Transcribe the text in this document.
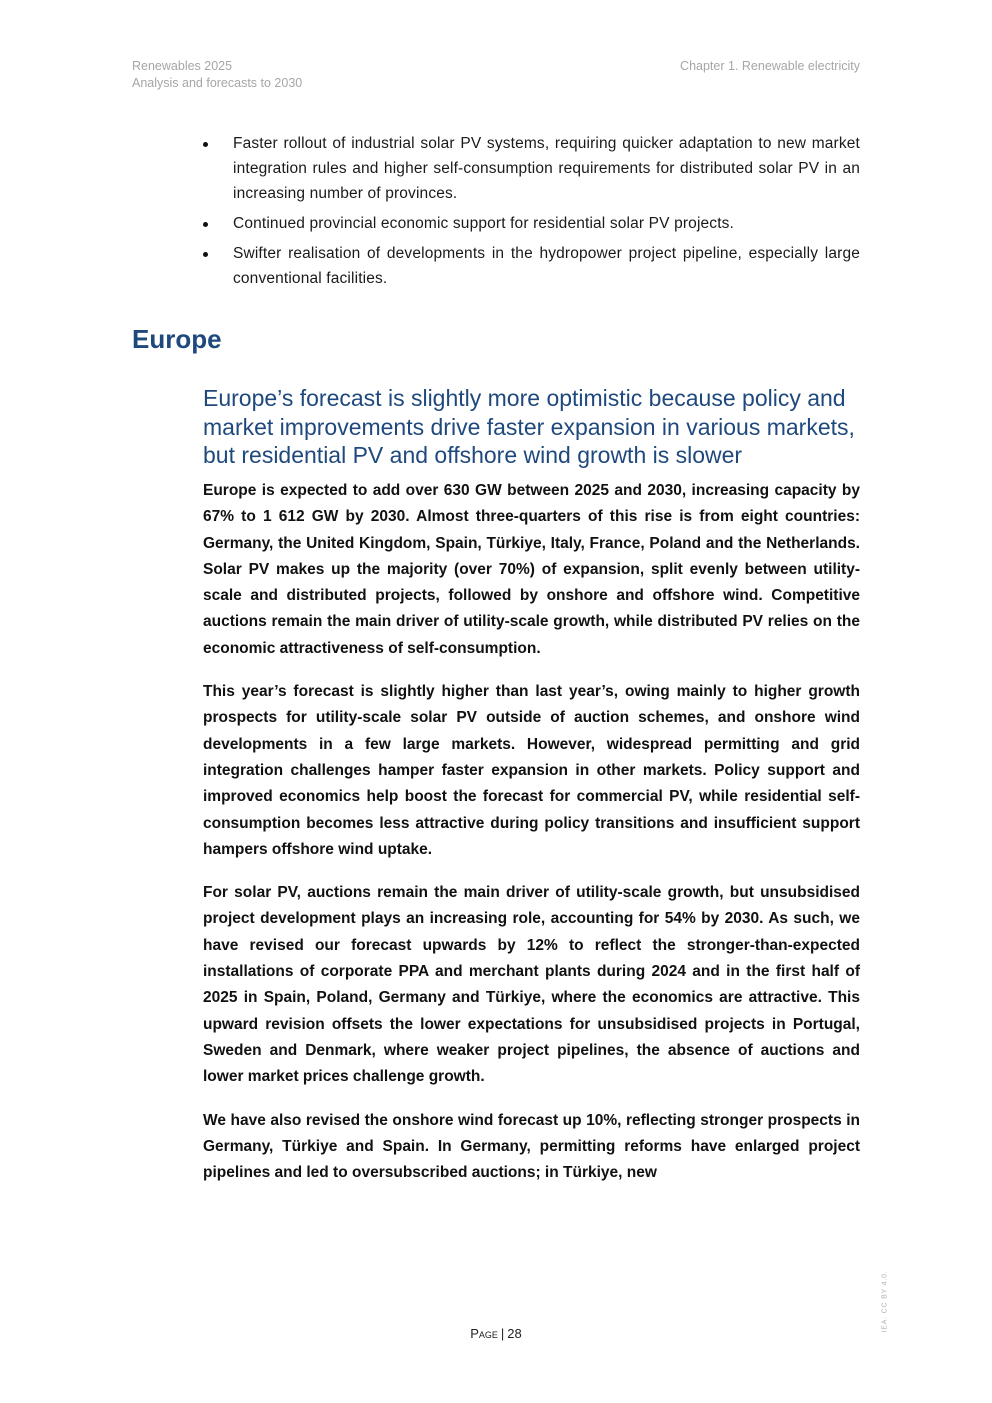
Renewables 2025
Analysis and forecasts to 2030
Chapter 1. Renewable electricity
Faster rollout of industrial solar PV systems, requiring quicker adaptation to new market integration rules and higher self-consumption requirements for distributed solar PV in an increasing number of provinces.
Continued provincial economic support for residential solar PV projects.
Swifter realisation of developments in the hydropower project pipeline, especially large conventional facilities.
Europe
Europe’s forecast is slightly more optimistic because policy and market improvements drive faster expansion in various markets, but residential PV and offshore wind growth is slower

Europe is expected to add over 630 GW between 2025 and 2030, increasing capacity by 67% to 1 612 GW by 2030. Almost three-quarters of this rise is from eight countries: Germany, the United Kingdom, Spain, Türkiye, Italy, France, Poland and the Netherlands. Solar PV makes up the majority (over 70%) of expansion, split evenly between utility-scale and distributed projects, followed by onshore and offshore wind. Competitive auctions remain the main driver of utility-scale growth, while distributed PV relies on the economic attractiveness of self-consumption.

This year’s forecast is slightly higher than last year’s, owing mainly to higher growth prospects for utility-scale solar PV outside of auction schemes, and onshore wind developments in a few large markets. However, widespread permitting and grid integration challenges hamper faster expansion in other markets. Policy support and improved economics help boost the forecast for commercial PV, while residential self-consumption becomes less attractive during policy transitions and insufficient support hampers offshore wind uptake.

For solar PV, auctions remain the main driver of utility-scale growth, but unsubsidised project development plays an increasing role, accounting for 54% by 2030. As such, we have revised our forecast upwards by 12% to reflect the stronger-than-expected installations of corporate PPA and merchant plants during 2024 and in the first half of 2025 in Spain, Poland, Germany and Türkiye, where the economics are attractive. This upward revision offsets the lower expectations for unsubsidised projects in Portugal, Sweden and Denmark, where weaker project pipelines, the absence of auctions and lower market prices challenge growth.

We have also revised the onshore wind forecast up 10%, reflecting stronger prospects in Germany, Türkiye and Spain. In Germany, permitting reforms have enlarged project pipelines and led to oversubscribed auctions; in Türkiye, new

Page | 28
IEA. CC BY 4.0.
